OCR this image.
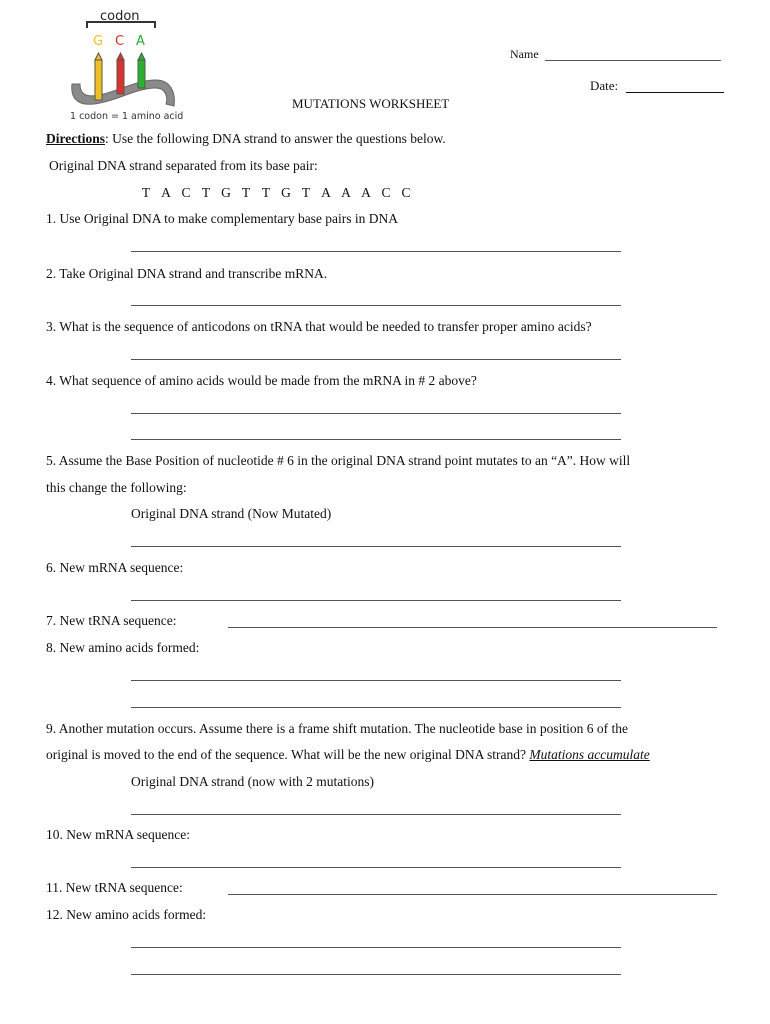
codon
G C A
1 codon = 1 amino acid
Name
Date:
MUTATIONS WORKSHEET
Directions: Use the following DNA strand to answer the questions below.
Original DNA strand separated from its base pair:
T A C T G T T G T A A A C C
1. Use Original DNA to make complementary base pairs in DNA
2. Take Original DNA strand and transcribe mRNA.
3. What is the sequence of anticodons on tRNA that would be needed to transfer proper amino acids?
4. What sequence of amino acids would be made from the mRNA in # 2 above?
5. Assume the Base Position of nucleotide # 6 in the original DNA strand point mutates to an “A”. How will
this change the following:
Original DNA strand (Now Mutated)
6. New mRNA sequence:
7. New tRNA sequence:
8. New amino acids formed:
9. Another mutation occurs. Assume there is a frame shift mutation. The nucleotide base in position 6 of the
original is moved to the end of the sequence. What will be the new original DNA strand? Mutations accumulate
Original DNA strand (now with 2 mutations)
10. New mRNA sequence:
11. New tRNA sequence:
12. New amino acids formed:
